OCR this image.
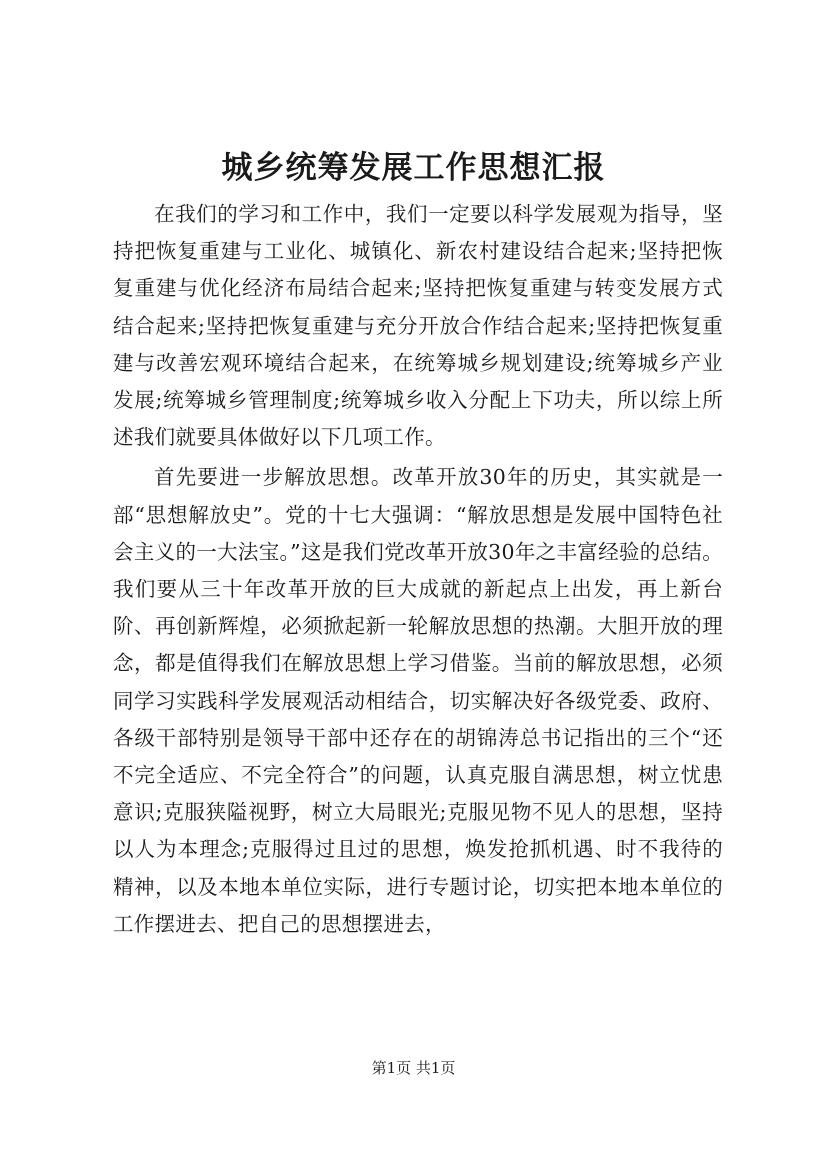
城乡统筹发展工作思想汇报

在我们的学习和工作中，我们一定要以科学发展观为指导，坚持把恢复重建与工业化、城镇化、新农村建设结合起来;坚持把恢复重建与优化经济布局结合起来;坚持把恢复重建与转变发展方式结合起来;坚持把恢复重建与充分开放合作结合起来;坚持把恢复重建与改善宏观环境结合起来，在统筹城乡规划建设;统筹城乡产业发展;统筹城乡管理制度;统筹城乡收入分配上下功夫，所以综上所述我们就要具体做好以下几项工作。

首先要进一步解放思想。改革开放30年的历史，其实就是一部“思想解放史”。党的十七大强调：“解放思想是发展中国特色社会主义的一大法宝。”这是我们党改革开放30年之丰富经验的总结。我们要从三十年改革开放的巨大成就的新起点上出发，再上新台阶、再创新辉煌，必须掀起新一轮解放思想的热潮。大胆开放的理念，都是值得我们在解放思想上学习借鉴。当前的解放思想，必须同学习实践科学发展观活动相结合，切实解决好各级党委、政府、各级干部特别是领导干部中还存在的胡锦涛总书记指出的三个“还不完全适应、不完全符合”的问题，认真克服自满思想，树立忧患意识;克服狭隘视野，树立大局眼光;克服见物不见人的思想，坚持以人为本理念;克服得过且过的思想，焕发抢抓机遇、时不我待的精神，以及本地本单位实际，进行专题讨论，切实把本地本单位的工作摆进去、把自己的思想摆进去，

第1页 共1页
